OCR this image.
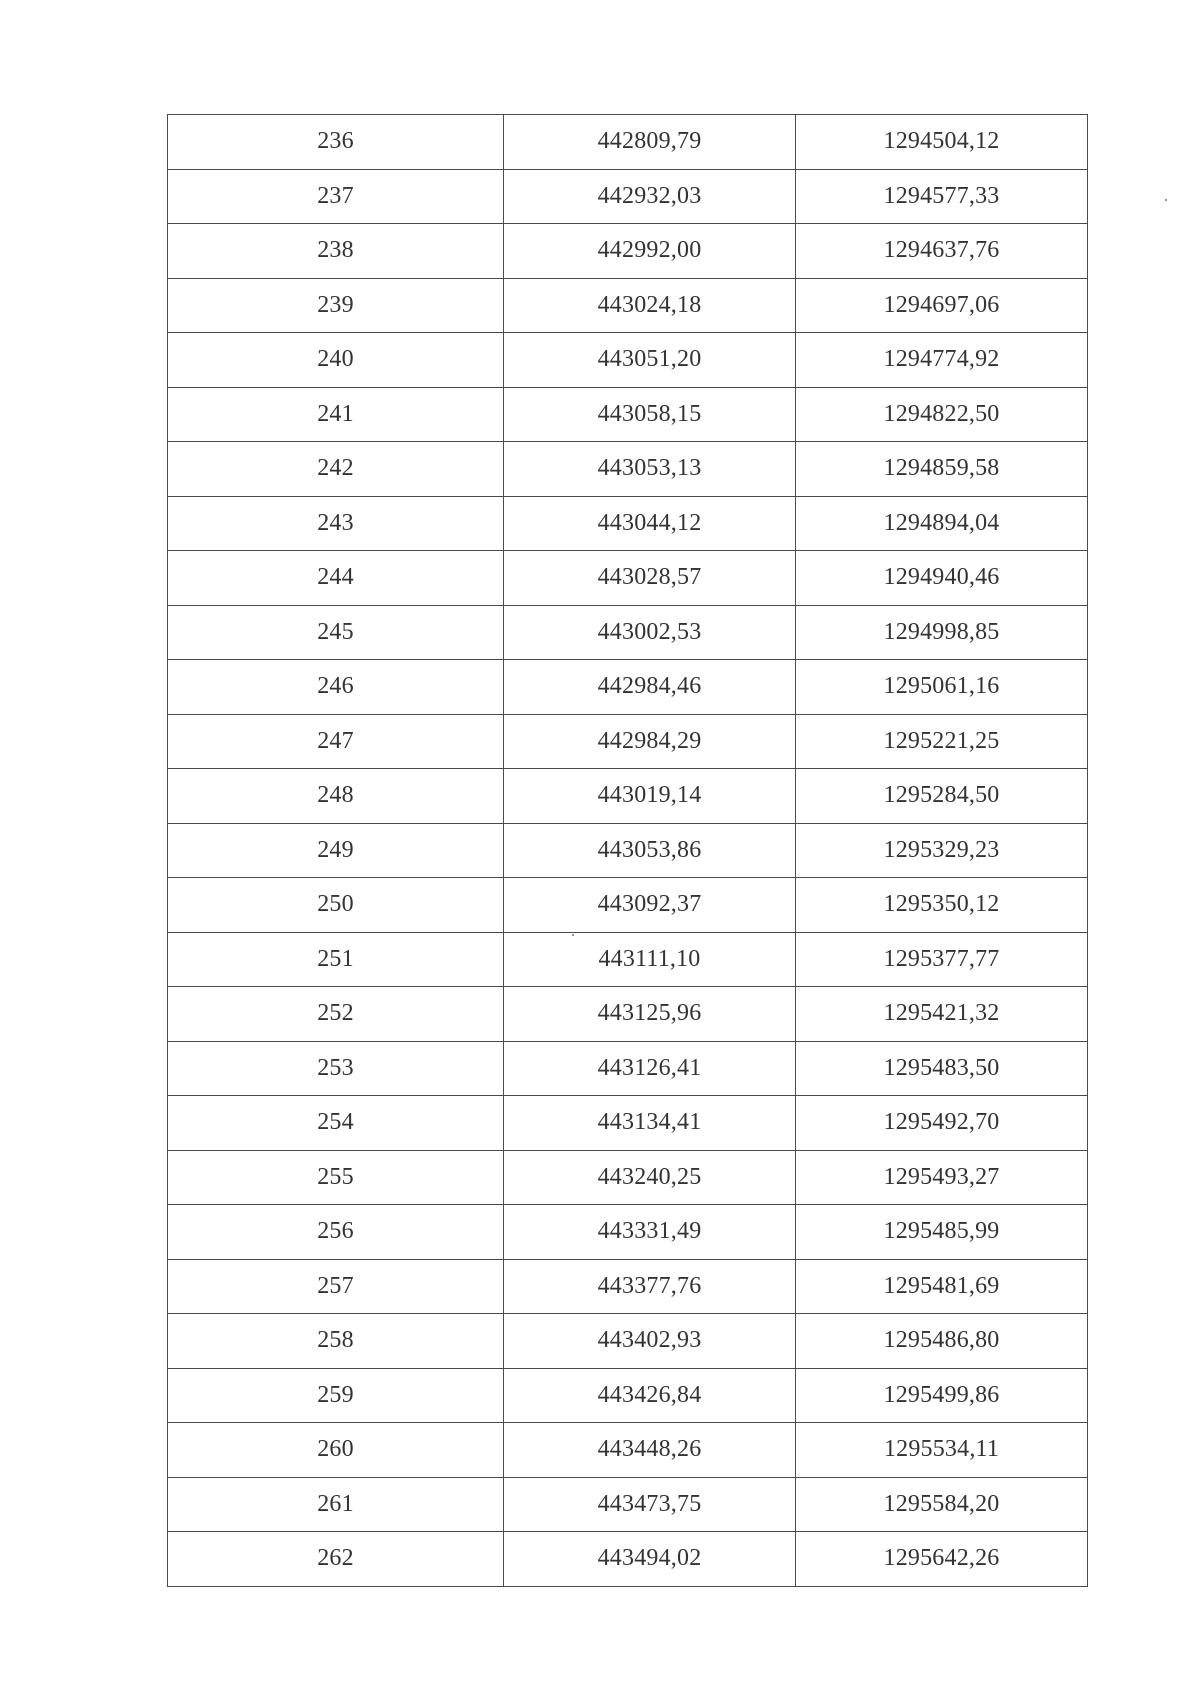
236	442809,79	1294504,12
237	442932,03	1294577,33
238	442992,00	1294637,76
239	443024,18	1294697,06
240	443051,20	1294774,92
241	443058,15	1294822,50
242	443053,13	1294859,58
243	443044,12	1294894,04
244	443028,57	1294940,46
245	443002,53	1294998,85
246	442984,46	1295061,16
247	442984,29	1295221,25
248	443019,14	1295284,50
249	443053,86	1295329,23
250	443092,37	1295350,12
251	443111,10	1295377,77
252	443125,96	1295421,32
253	443126,41	1295483,50
254	443134,41	1295492,70
255	443240,25	1295493,27
256	443331,49	1295485,99
257	443377,76	1295481,69
258	443402,93	1295486,80
259	443426,84	1295499,86
260	443448,26	1295534,11
261	443473,75	1295584,20
262	443494,02	1295642,26
